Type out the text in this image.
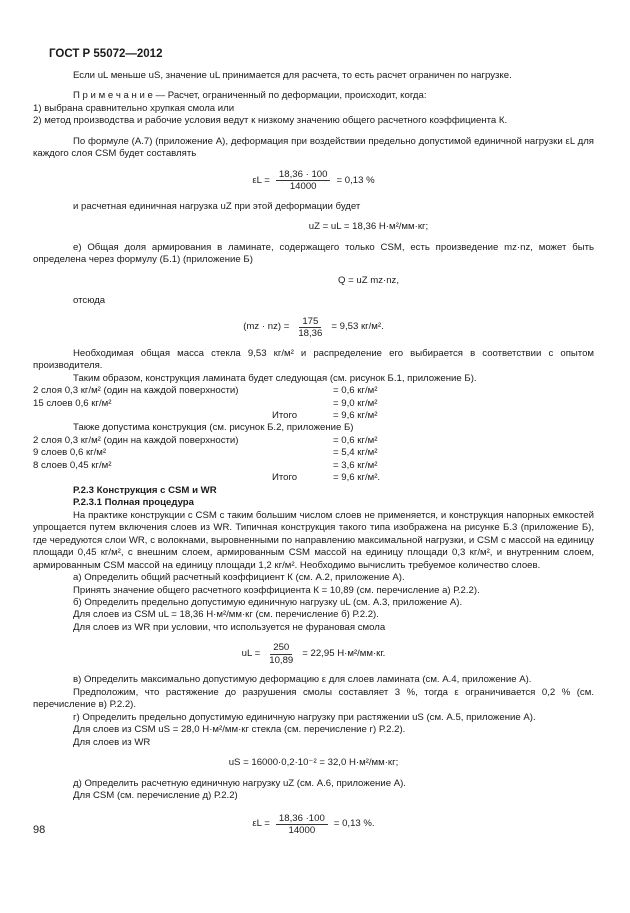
ГОСТ Р 55072—2012

Если uL меньше uS, значение uL принимается для расчета, то есть расчет ограничен по нагрузке.

П р и м е ч а н и е — Расчет, ограниченный по деформации, происходит, когда:

1) выбрана сравнительно хрупкая смола или

2) метод производства и рабочие условия ведут к низкому значению общего расчетного коэффициента К.

По формуле (А.7) (приложение А), деформация при воздействии предельно допустимой единичной нагрузки εL для каждого слоя CSM будет составлять

$\varepsilon L = \frac{18,36 \cdot 100}{14000} = 0,13$ %

и расчетная единичная нагрузка uZ при этой деформации будет

uZ = uL = 18,36 Н·м²/мм·кг;

е) Общая доля армирования в ламинате, содержащего только CSM, есть произведение mz·nz, может быть определена через формулу (Б.1) (приложение Б)

Q = uZ mz·nz,

отсюда

$(mz \cdot nz) = \frac{175}{18,36} = 9,53$ кг/м².

Необходимая общая масса стекла 9,53 кг/м² и распределение его выбирается в соответствии с опытом производителя.

Таким образом, конструкция ламината будет следующая (см. рисунок Б.1, приложение Б).

2 слоя 0,3 кг/м² (один на каждой поверхности)	= 0,6 кг/м²
15 слоев 0,6 кг/м²	= 9,0 кг/м²
Итого	= 9,6 кг/м²

Также допустима конструкция (см. рисунок Б.2, приложение Б)

2 слоя 0,3 кг/м² (один на каждой поверхности)	= 0,6 кг/м²
9 слоев 0,6 кг/м²	= 5,4 кг/м²
8 слоев 0,45 кг/м²	= 3,6 кг/м²
Итого	= 9,6 кг/м².

Р.2.3 Конструкция с CSM и WR

Р.2.3.1 Полная процедура

На практике конструкции с CSM с таким большим числом слоев не применяется, и конструкция напорных емкостей упрощается путем включения слоев из WR. Типичная конструкция такого типа изображена на рисунке Б.3 (приложение Б), где чередуются слои WR, с волокнами, выровненными по направлению максимальной нагрузки, и CSM с массой на единицу площади 0,45 кг/м², с внешним слоем, армированным CSM массой на единицу площади 0,3 кг/м², и внутренним слоем, армированным CSM массой на единицу площади 1,2 кг/м². Необходимо вычислить требуемое количество слоев.

а) Определить общий расчетный коэффициент К (см. А.2, приложение А).

Принять значение общего расчетного коэффициента К = 10,89 (см. перечисление а) Р.2.2).

б) Определить предельно допустимую единичную нагрузку uL (см. А.3, приложение А).

Для слоев из CSM uL = 18,36 Н·м²/мм·кг (см. перечисление б) Р.2.2).

Для слоев из WR при условии, что используется не фурановая смола

uL = $\frac{250}{10,89} = 22,95$ Н·м²/мм·кг.

в) Определить максимально допустимую деформацию ε для слоев ламината (см. А.4, приложение А).

Предположим, что растяжение до разрушения смолы составляет 3 %, тогда ε ограничивается 0,2 % (см. перечисление в) Р.2.2).

г) Определить предельно допустимую единичную нагрузку при растяжении uS (см. А.5, приложение А).

Для слоев из CSM uS = 28,0 Н·м²/мм·кг стекла (см. перечисление г) Р.2.2).

Для слоев из WR

uS = 16000·0,2·10⁻² = 32,0 Н·м²/мм·кг;

д) Определить расчетную единичную нагрузку uZ (см. А.6, приложение А).

Для CSM (см. перечисление д) Р.2.2)

$\varepsilon L = \frac{18,36 \cdot 100}{14000} = 0,13$ %.
98
